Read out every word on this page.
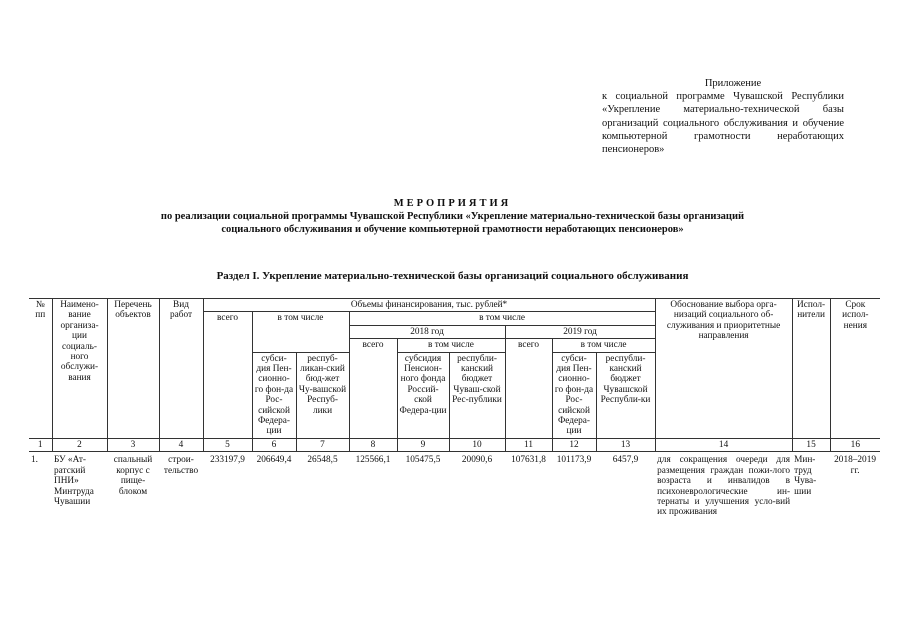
Приложение
к социальной программе Чувашской Республики «Укрепление материально-технической базы организаций социального обслуживания и обучение компьютерной грамотности неработающих пенсионеров»
МЕРОПРИЯТИЯ
по реализации социальной программы Чувашской Республики «Укрепление материально-технической базы организаций
социального обслуживания и обучение компьютерной грамотности неработающих пенсионеров»
Раздел I. Укрепление материально-технической базы организаций социального обслуживания
№ пп	Наимено-вание организа-ции социаль-ного обслужи-вания	Перечень объектов	Вид работ	Объемы финансирования, тыс. рублей*									Обоснование выбора орга-низаций социального об-служивания и приоритетные направления	Испол-нители	Срок испол-нения
				всего	в том числе		в том числе								
							2018 год			2019 год					
							всего	в том числе		всего	в том числе				
					субси-дия Пен-сионно-го фон-да Рос-сийской Федера-ции	респуб-ликан-ский бюд-жет Чу-вашской Респуб-лики		субсидия Пенсион-ного фонда Россий-ской Федера-ции	республи-канский бюджет Чуваш-ской Рес-публики		субси-дия Пен-сионно-го фон-да Рос-сийской Федера-ции	республи-канский бюджет Чувашской Республи-ки			
1	2	3	4	5	6	7	8	9	10	11	12	13	14	15	16
1.	БУ «Ат-ратский ПНИ» Минтруда Чувашии	спальный корпус с пище-блоком	строи-тельство	233197,9	206649,4	26548,5	125566,1	105475,5	20090,6	107631,8	101173,9	6457,9	для сокращения очереди для размещения граждан пожи-лого возраста и инвалидов в психоневрологические ин-тернаты и улучшения усло-вий их проживания	Мин-труд Чува-шии	2018–2019 гг.
